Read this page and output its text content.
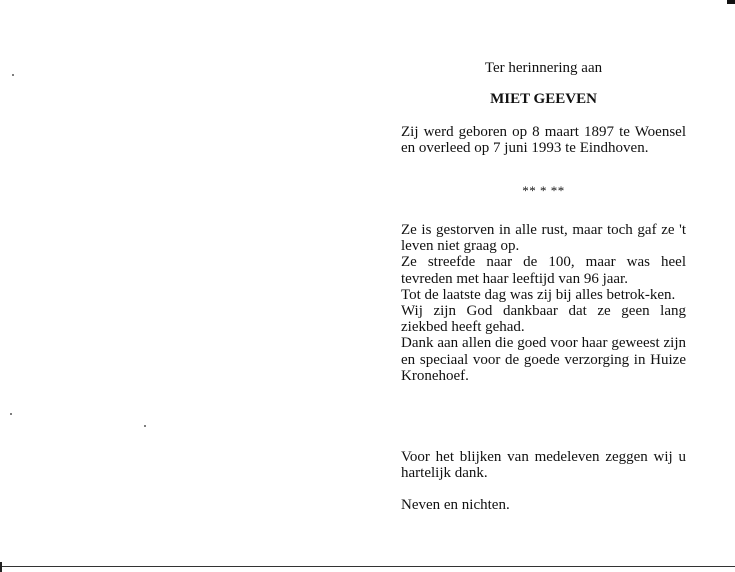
Ter herinnering aan

MIET GEEVEN

Zij werd geboren op 8 maart 1897 te Woensel en overleed op 7 juni 1993 te Eindhoven.

** * **

Ze is gestorven in alle rust, maar toch gaf ze 't leven niet graag op.
Ze streefde naar de 100, maar was heel tevreden met haar leeftijd van 96 jaar.
Tot de laatste dag was zij bij alles betrok-ken.
Wij zijn God dankbaar dat ze geen lang ziekbed heeft gehad.
Dank aan allen die goed voor haar geweest zijn en speciaal voor de goede verzorging in Huize Kronehoef.

Voor het blijken van medeleven zeggen wij u hartelijk dank.

Neven en nichten.
